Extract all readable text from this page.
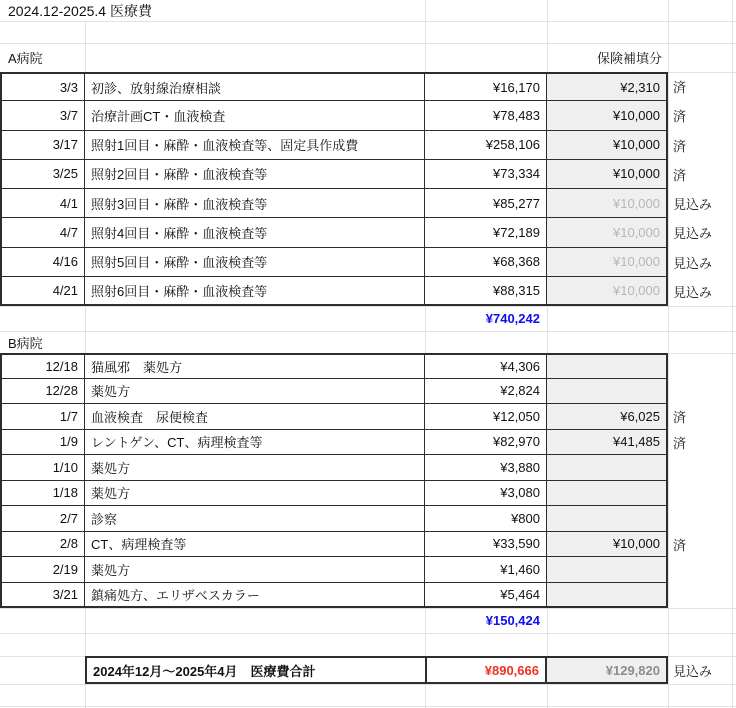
2024.12-2025.4 医療費
A病院	保険補填分
3/3	初診、放射線治療相談	¥16,170	¥2,310	済
3/7	治療計画CT・血液検査	¥78,483	¥10,000	済
3/17	照射1回目・麻酔・血液検査等、固定具作成費	¥258,106	¥10,000	済
3/25	照射2回目・麻酔・血液検査等	¥73,334	¥10,000	済
4/1	照射3回目・麻酔・血液検査等	¥85,277	¥10,000	見込み
4/7	照射4回目・麻酔・血液検査等	¥72,189	¥10,000	見込み
4/16	照射5回目・麻酔・血液検査等	¥68,368	¥10,000	見込み
4/21	照射6回目・麻酔・血液検査等	¥88,315	¥10,000	見込み
¥740,242
B病院
12/18	猫風邪　薬処方	¥4,306
12/28	薬処方	¥2,824
1/7	血液検査　尿便検査	¥12,050	¥6,025	済
1/9	レントゲン、CT、病理検査等	¥82,970	¥41,485	済
1/10	薬処方	¥3,880
1/18	薬処方	¥3,080
2/7	診察	¥800
2/8	CT、病理検査等	¥33,590	¥10,000	済
2/19	薬処方	¥1,460
3/21	鎮痛処方、エリザベスカラー	¥5,464
¥150,424
2024年12月〜2025年4月　医療費合計	¥890,666	¥129,820	見込み
